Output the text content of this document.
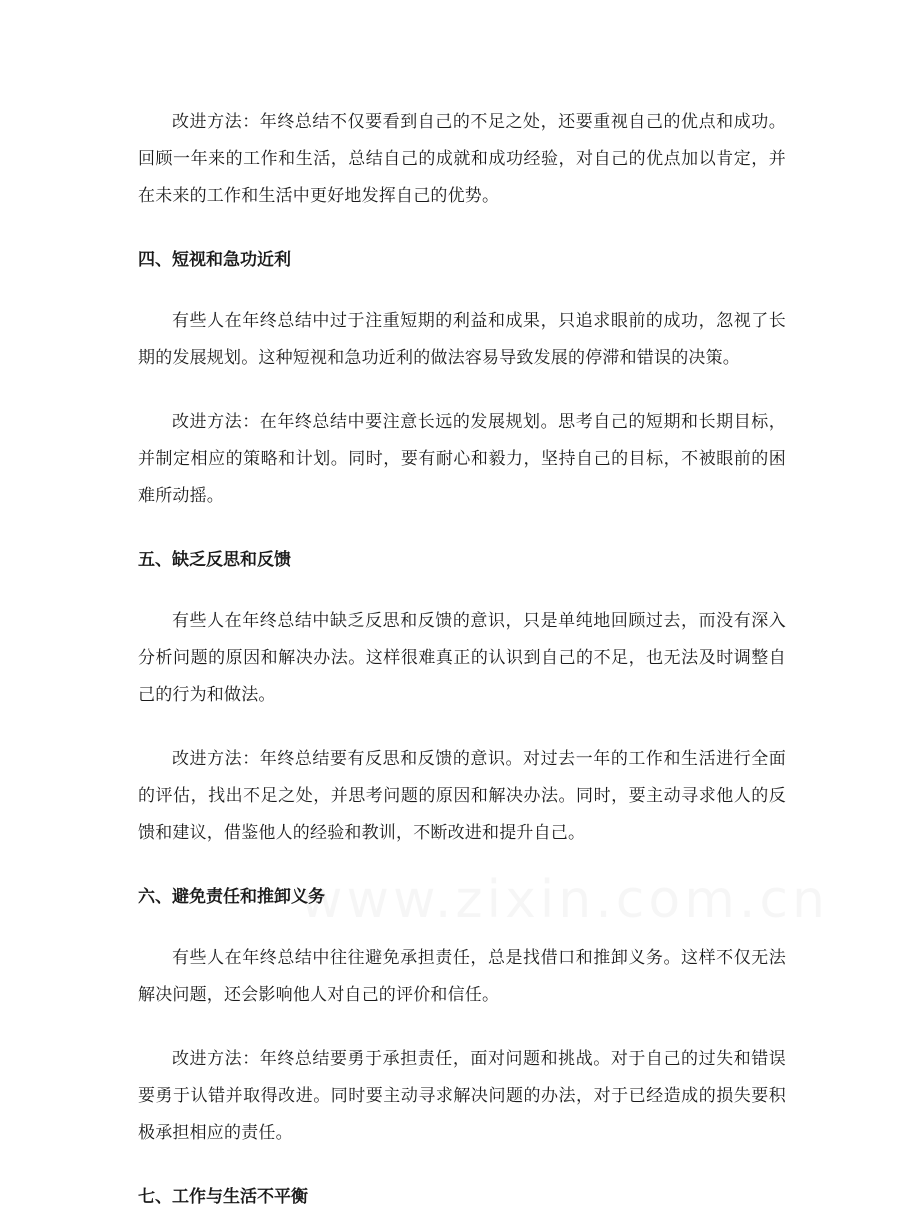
改进方法：年终总结不仅要看到自己的不足之处，还要重视自己的优点和成功。回顾一年来的工作和生活，总结自己的成就和成功经验，对自己的优点加以肯定，并在未来的工作和生活中更好地发挥自己的优势。

四、短视和急功近利

有些人在年终总结中过于注重短期的利益和成果，只追求眼前的成功，忽视了长期的发展规划。这种短视和急功近利的做法容易导致发展的停滞和错误的决策。

改进方法：在年终总结中要注意长远的发展规划。思考自己的短期和长期目标，并制定相应的策略和计划。同时，要有耐心和毅力，坚持自己的目标，不被眼前的困难所动摇。

五、缺乏反思和反馈

有些人在年终总结中缺乏反思和反馈的意识，只是单纯地回顾过去，而没有深入分析问题的原因和解决办法。这样很难真正的认识到自己的不足，也无法及时调整自己的行为和做法。

改进方法：年终总结要有反思和反馈的意识。对过去一年的工作和生活进行全面的评估，找出不足之处，并思考问题的原因和解决办法。同时，要主动寻求他人的反馈和建议，借鉴他人的经验和教训，不断改进和提升自己。

六、避免责任和推卸义务

有些人在年终总结中往往避免承担责任，总是找借口和推卸义务。这样不仅无法解决问题，还会影响他人对自己的评价和信任。

改进方法：年终总结要勇于承担责任，面对问题和挑战。对于自己的过失和错误要勇于认错并取得改进。同时要主动寻求解决问题的办法，对于已经造成的损失要积极承担相应的责任。

七、工作与生活不平衡
